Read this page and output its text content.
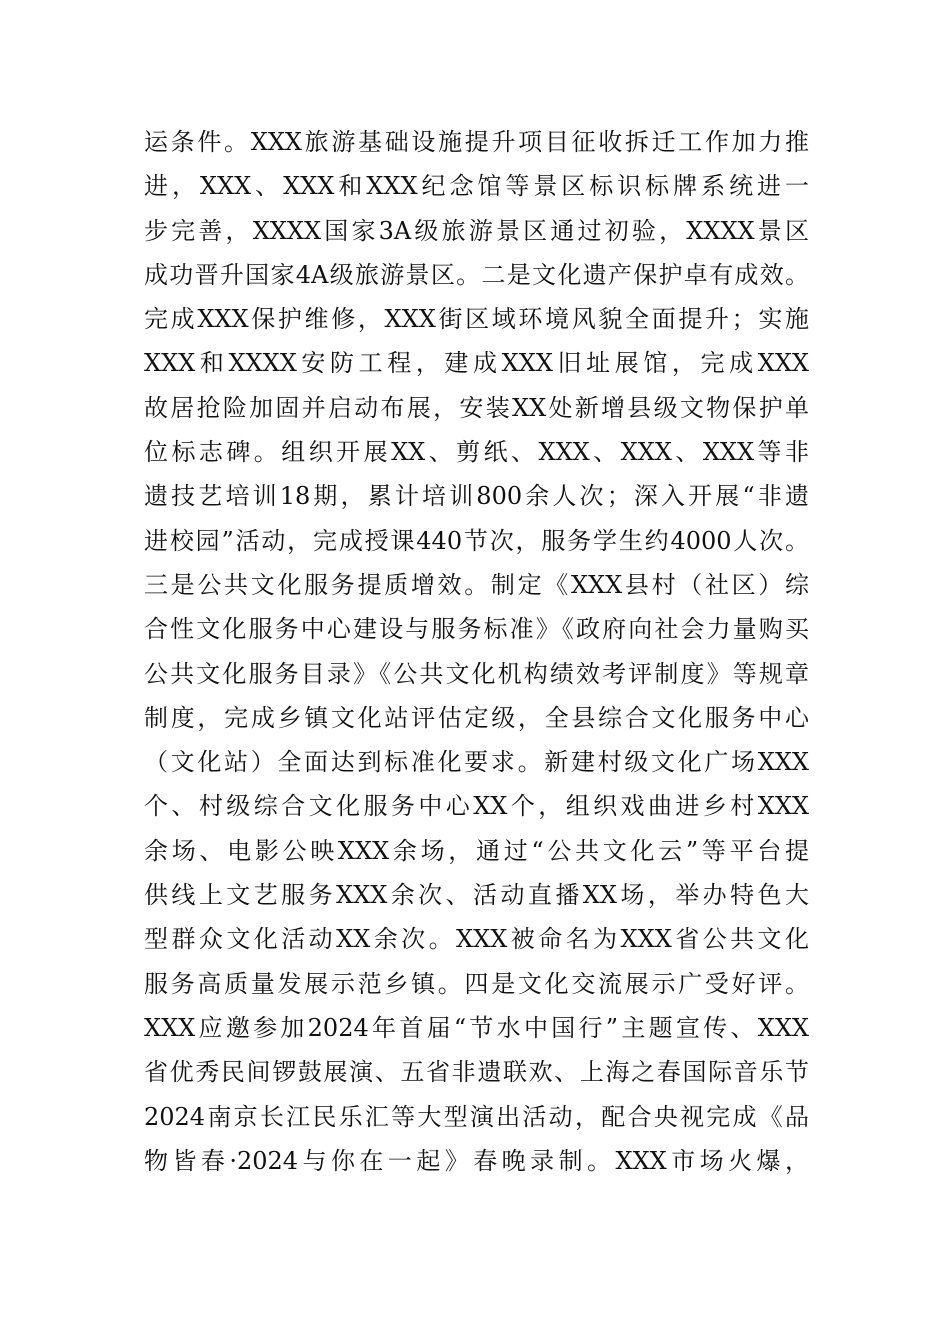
运条件。XXX旅游基础设施提升项目征收拆迁工作加力推
进，XXX、XXX和XXX纪念馆等景区标识标牌系统进一
步完善，XXXX国家3A级旅游景区通过初验，XXXX景区
成功晋升国家4A级旅游景区。二是文化遗产保护卓有成效。
完成XXX保护维修，XXX街区域环境风貌全面提升；实施
XXX和XXXX安防工程，建成XXX旧址展馆，完成XXX
故居抢险加固并启动布展，安装XX处新增县级文物保护单
位标志碑。组织开展XX、剪纸、XXX、XXX、XXX等非
遗技艺培训18期，累计培训800余人次；深入开展“非遗
进校园”活动，完成授课440节次，服务学生约4000人次。
三是公共文化服务提质增效。制定《XXX县村（社区）综
合性文化服务中心建设与服务标准》《政府向社会力量购买
公共文化服务目录》《公共文化机构绩效考评制度》等规章
制度，完成乡镇文化站评估定级，全县综合文化服务中心
（文化站）全面达到标准化要求。新建村级文化广场XXX
个、村级综合文化服务中心XX个，组织戏曲进乡村XXX
余场、电影公映XXX余场，通过“公共文化云”等平台提
供线上文艺服务XXX余次、活动直播XX场，举办特色大
型群众文化活动XX余次。XXX被命名为XXX省公共文化
服务高质量发展示范乡镇。四是文化交流展示广受好评。
XXX应邀参加2024年首届“节水中国行”主题宣传、XXX
省优秀民间锣鼓展演、五省非遗联欢、上海之春国际音乐节
2024南京长江民乐汇等大型演出活动，配合央视完成《品
物皆春·2024与你在一起》春晚录制。XXX市场火爆，
